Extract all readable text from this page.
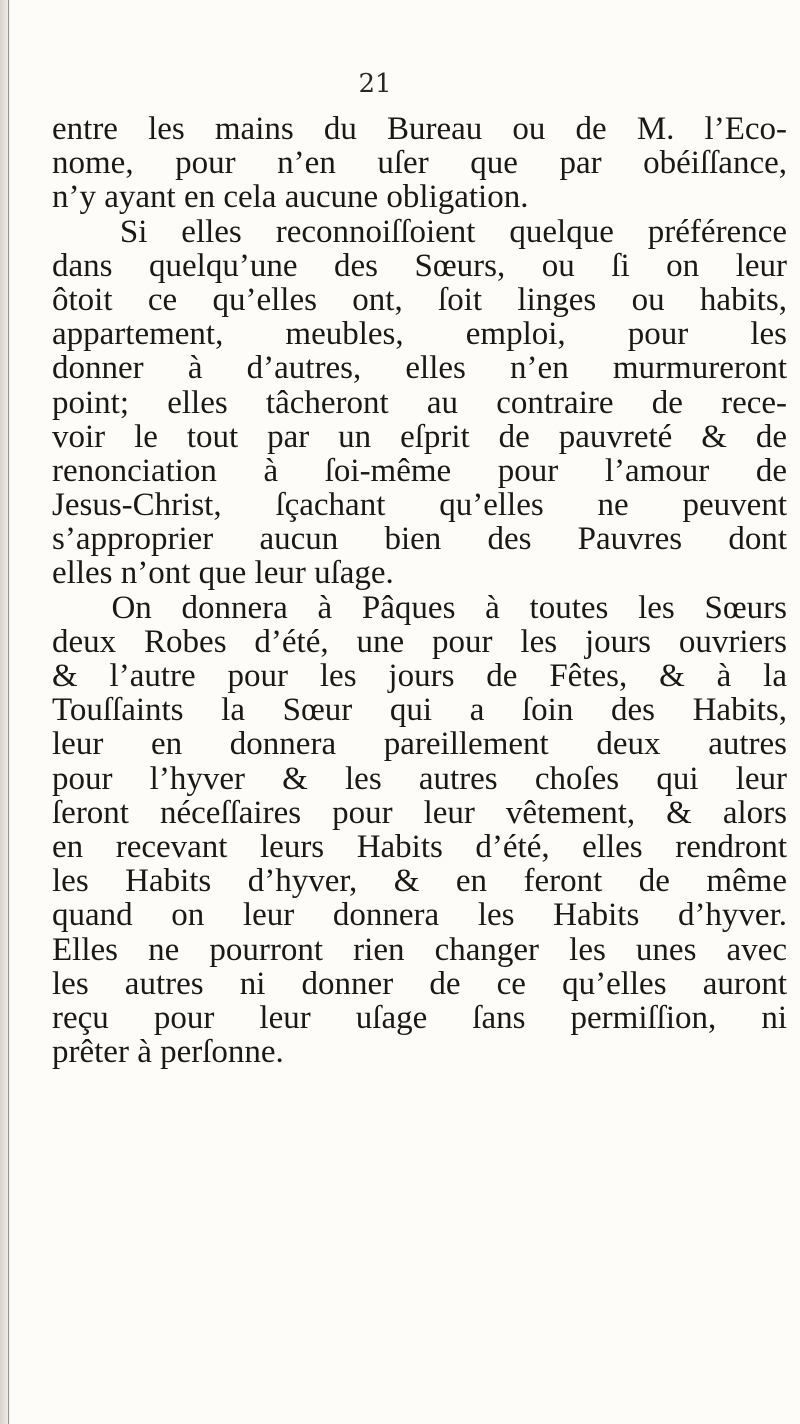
21
entre les mains du Bureau ou de M. l’Eco-
nome, pour n’en uſer que par obéiſſance,
n’y ayant en cela aucune obligation.
Si elles reconnoiſſoient quelque préférence
dans quelqu’une des Sœurs, ou ſi on leur
ôtoit ce qu’elles ont, ſoit linges ou habits,
appartement, meubles, emploi, pour les
donner à d’autres, elles n’en murmureront
point; elles tâcheront au contraire de rece-
voir le tout par un eſprit de pauvreté & de
renonciation à ſoi-même pour l’amour de
Jesus-Christ, ſçachant qu’elles ne peuvent
s’approprier aucun bien des Pauvres dont
elles n’ont que leur uſage.
On donnera à Pâques à toutes les Sœurs
deux Robes d’été, une pour les jours ouvriers
& l’autre pour les jours de Fêtes, & à la
Touſſaints la Sœur qui a ſoin des Habits,
leur en donnera pareillement deux autres
pour l’hyver & les autres choſes qui leur
ſeront néceſſaires pour leur vêtement, & alors
en recevant leurs Habits d’été, elles rendront
les Habits d’hyver, & en feront de même
quand on leur donnera les Habits d’hyver.
Elles ne pourront rien changer les unes avec
les autres ni donner de ce qu’elles auront
reçu pour leur uſage ſans permiſſion, ni
prêter à perſonne.
